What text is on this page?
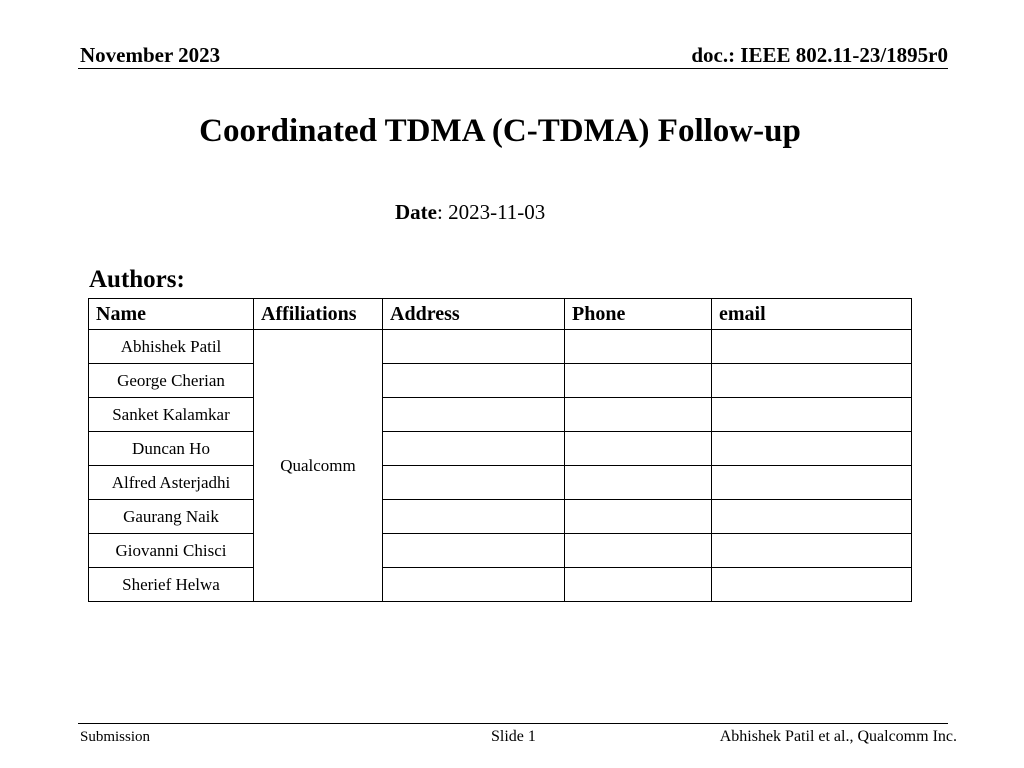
November 2023	doc.: IEEE 802.11-23/1895r0
Coordinated TDMA (C-TDMA) Follow-up
Date: 2023-11-03
Authors:
Name	Affiliations	Address	Phone	email
Abhishek Patil	Qualcomm			
George Cherian				
Sanket Kalamkar				
Duncan Ho				
Alfred Asterjadhi				
Gaurang Naik				
Giovanni Chisci				
Sherief Helwa				
Submission	Slide 1	Abhishek Patil et al., Qualcomm Inc.
